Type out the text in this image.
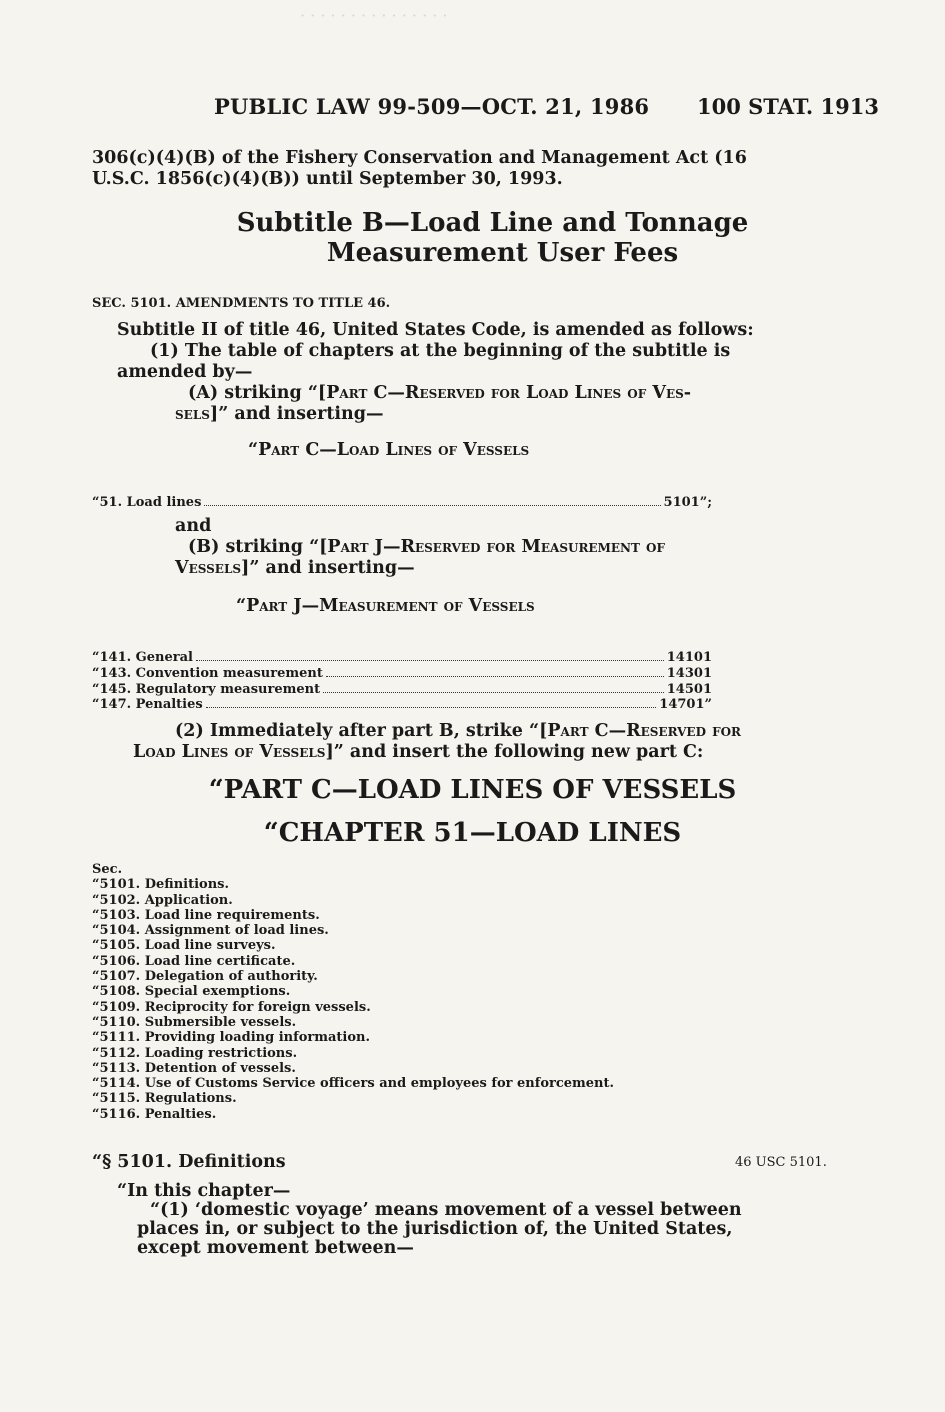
· · · · · · · · · · · · · · ·
PUBLIC LAW 99-509—OCT. 21, 1986 100 STAT. 1913
306(c)(4)(B) of the Fishery Conservation and Management Act (16
U.S.C. 1856(c)(4)(B)) until September 30, 1993.
Subtitle B—Load Line and Tonnage
Measurement User Fees
SEC. 5101. AMENDMENTS TO TITLE 46.
Subtitle II of title 46, United States Code, is amended as follows:
(1) The table of chapters at the beginning of the subtitle is
amended by—
(A) striking “[Part C—Reserved for Load Lines of Ves-
sels]” and inserting—
“Part C—Load Lines of Vessels
“51. Load lines	5101”;
and
(B) striking “[Part J—Reserved for Measurement of
Vessels]” and inserting—
“Part J—Measurement of Vessels
“141. General	14101
“143. Convention measurement	14301
“145. Regulatory measurement	14501
“147. Penalties	14701”
(2) Immediately after part B, strike “[Part C—Reserved for
Load Lines of Vessels]” and insert the following new part C:
“PART C—LOAD LINES OF VESSELS
“CHAPTER 51—LOAD LINES
Sec.
“5101. Definitions.
“5102. Application.
“5103. Load line requirements.
“5104. Assignment of load lines.
“5105. Load line surveys.
“5106. Load line certificate.
“5107. Delegation of authority.
“5108. Special exemptions.
“5109. Reciprocity for foreign vessels.
“5110. Submersible vessels.
“5111. Providing loading information.
“5112. Loading restrictions.
“5113. Detention of vessels.
“5114. Use of Customs Service officers and employees for enforcement.
“5115. Regulations.
“5116. Penalties.
“§ 5101. Definitions	46 USC 5101.
“In this chapter—
“(1) ‘domestic voyage’ means movement of a vessel between
places in, or subject to the jurisdiction of, the United States,
except movement between—
